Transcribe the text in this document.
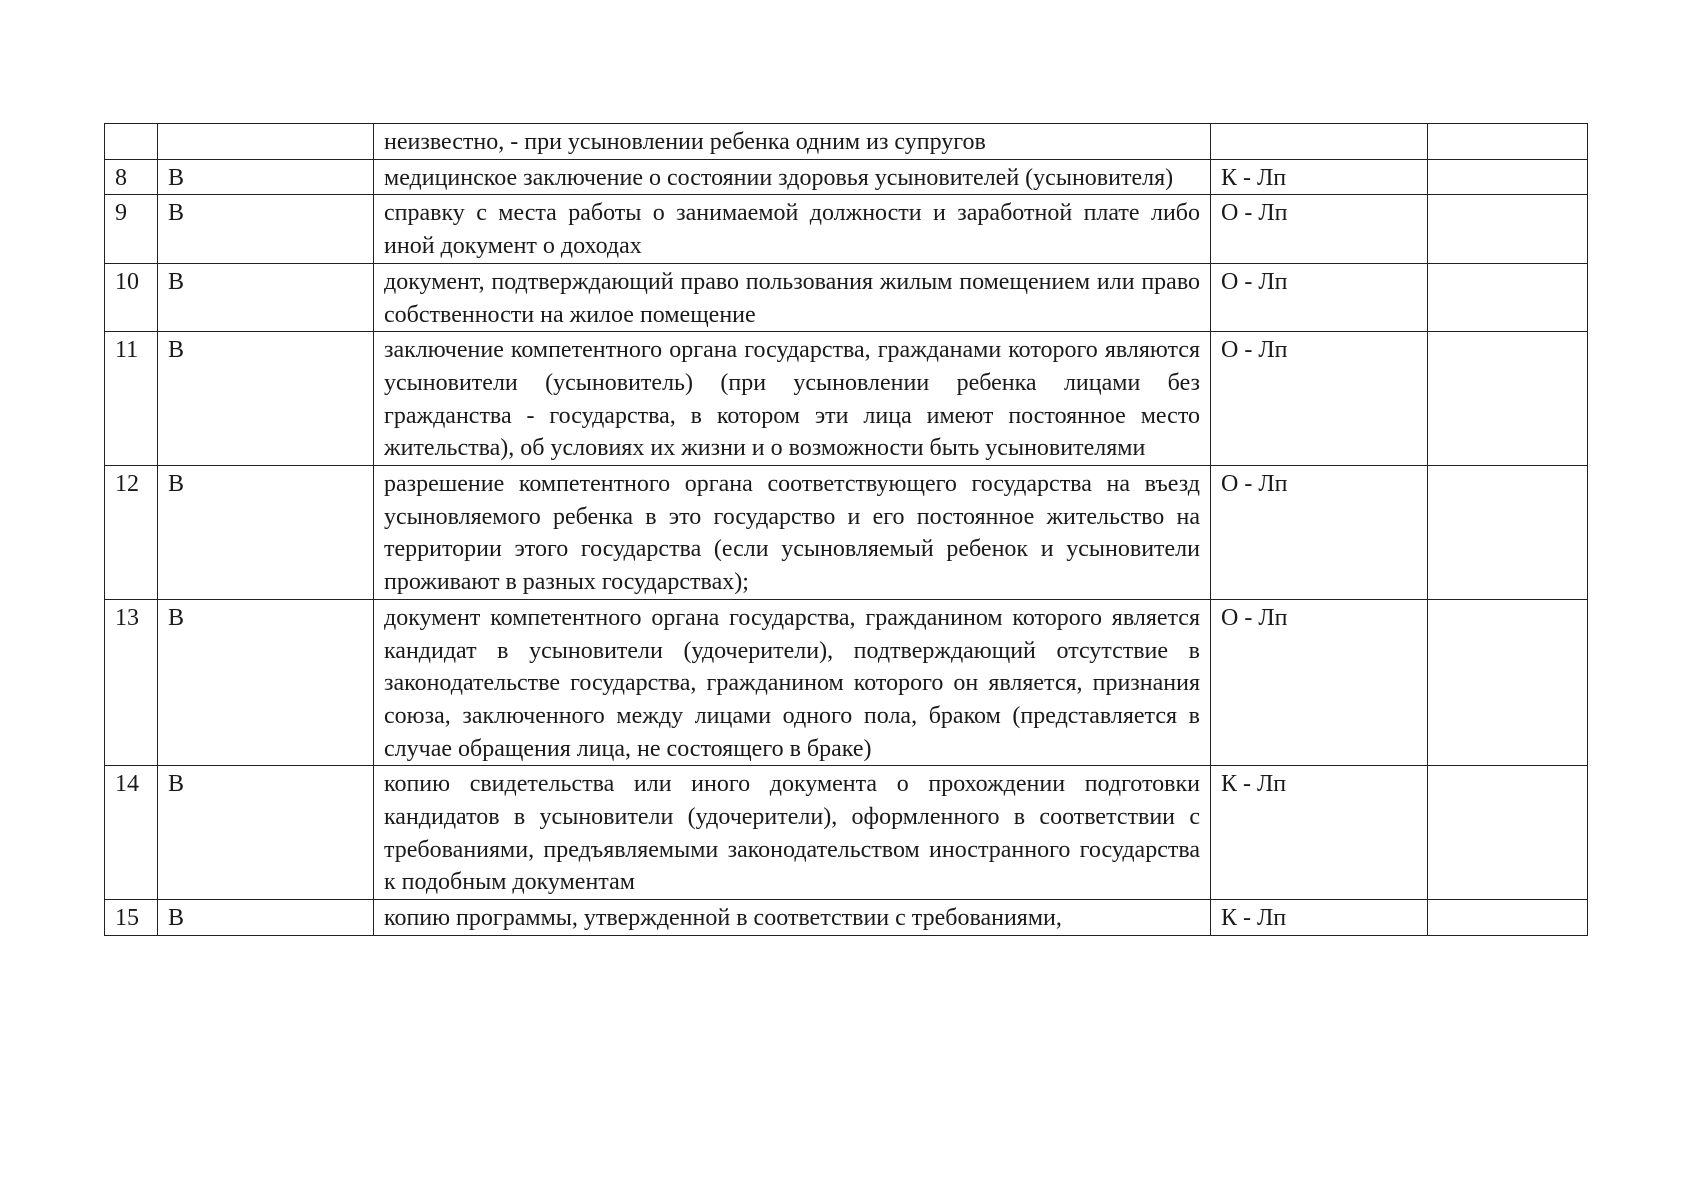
		неизвестно, - при усыновлении ребенка одним из супругов		

8	В	медицинское заключение о состоянии здоровья усыновителей (усыновителя)	К - Лп	
9	В	справку с места работы о занимаемой должности и заработной плате либо иной документ о доходах	О - Лп	
10	В	документ, подтверждающий право пользования жилым помещением или право собственности на жилое помещение	О - Лп	
11	В	заключение компетентного органа государства, гражданами которого являются усыновители (усыновитель) (при усыновлении ребенка лицами без гражданства - государства, в котором эти лица имеют постоянное место жительства), об условиях их жизни и о возможности быть усыновителями	О - Лп	
12	В	разрешение компетентного органа соответствующего государства на въезд усыновляемого ребенка в это государство и его постоянное жительство на территории этого государства (если усыновляемый ребенок и усыновители проживают в разных государствах);	О - Лп	
13	В	документ компетентного органа государства, гражданином которого является кандидат в усыновители (удочерители), подтверждающий отсутствие в законодательстве государства, гражданином которого он является, признания союза, заключенного между лицами одного пола, браком (представляется в случае обращения лица, не состоящего в браке)	О - Лп	
14	В	копию свидетельства или иного документа о прохождении подготовки кандидатов в усыновители (удочерители), оформленного в соответствии с требованиями, предъявляемыми законодательством иностранного государства к подобным документам	К - Лп	
15	В	копию программы, утвержденной в соответствии с требованиями,	К - Лп	
